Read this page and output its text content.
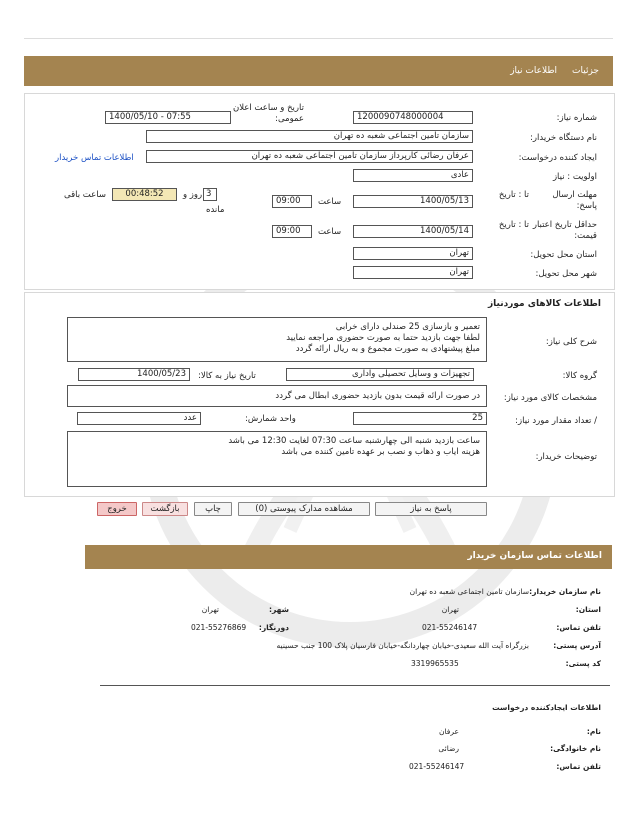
جزئیات
اطلاعات نیاز
شماره نیاز:
1200090748000004
تاریخ و ساعت اعلان عمومی:
1400/05/10 - 07:55
نام دستگاه خریدار:
سازمان تامین اجتماعی شعبه ده تهران
ایجاد کننده درخواست:
عرفان رضائی کارپرداز سازمان تامین اجتماعی شعبه ده تهران
اطلاعات تماس خریدار
اولویت : نیاز
عادی
مهلت ارسال پاسخ:
تا : تاریخ
1400/05/13
ساعت
09:00
3
روز و
مانده
00:48:52
ساعت باقی
حداقل تاریخ اعتبار قیمت:
تا : تاریخ
1400/05/14
ساعت
09:00
استان محل تحویل:
تهران
شهر محل تحویل:
تهران
اطلاعات کالاهای موردنیاز
شرح کلی نیاز:
تعمیر و بازسازی 25 صندلی دارای خرابی
لطفا جهت بازدید حتما به صورت حضوری مراجعه نمایید
مبلغ پیشنهادی به صورت مجموع و به ریال ارائه گردد
گروه کالا:
تجهیزات و وسایل تحصیلی واداری
تاریخ نیاز به کالا:
1400/05/23
مشخصات کالای مورد نیاز:
در صورت ارائه قیمت بدون بازدید حضوری ابطال می گردد
/ تعداد مقدار مورد نیاز:
25
واحد شمارش:
عدد
توضیحات خریدار:
ساعت بازدید شنبه الی چهارشنبه ساعت 07:30 لغایت 12:30 می باشد
هزینه ایاب و ذهاب و نصب بر عهده تامین کننده می باشد
پاسخ به نیاز
مشاهده مدارک پیوستی (0)
چاپ
بازگشت
خروج
اطلاعات تماس سازمان خریدار
نام سازمان خریدار:
سازمان تامین اجتماعی شعبه ده تهران
استان:
تهران
شهر:
تهران
تلفن تماس:
021-55246147
دورنگار:
021-55276869
آدرس پستی:
بزرگراه آیت الله سعیدی-خیابان چهاردانگه-خیابان فارسیان پلاک 100 جنب حسینیه
کد پستی:
3319965535
اطلاعات ایجادکننده درخواست
نام:
عرفان
نام خانوادگی:
رضائی
تلفن تماس:
021-55246147
